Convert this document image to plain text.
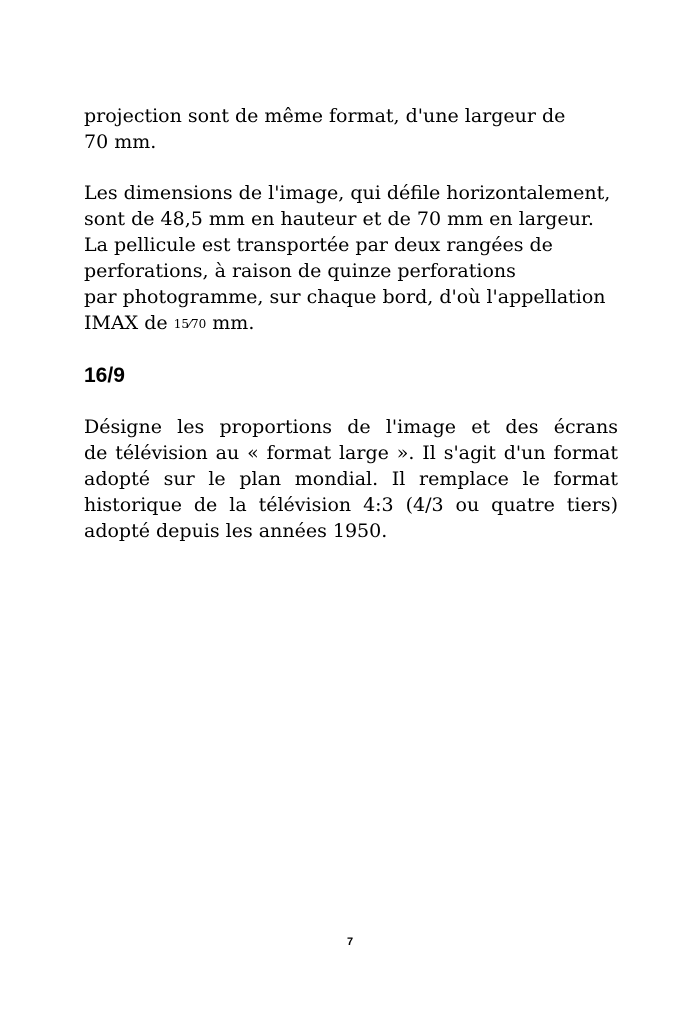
projection sont de même format, d'une largeur de
70 mm.

Les dimensions de l'image, qui défile horizontalement,
sont de 48,5 mm en hauteur et de 70 mm en largeur.
La pellicule est transportée par deux rangées de
perforations, à raison de quinze perforations
par photogramme, sur chaque bord, d'où l'appellation
IMAX de 15⁄70 mm.

16/9

Désigne les proportions de l'image et des écrans
de télévision au « format large ». Il s'agit d'un format
adopté sur le plan mondial. Il remplace le format
historique de la télévision 4:3 (4/3 ou quatre tiers)
adopté depuis les années 1950.

7
